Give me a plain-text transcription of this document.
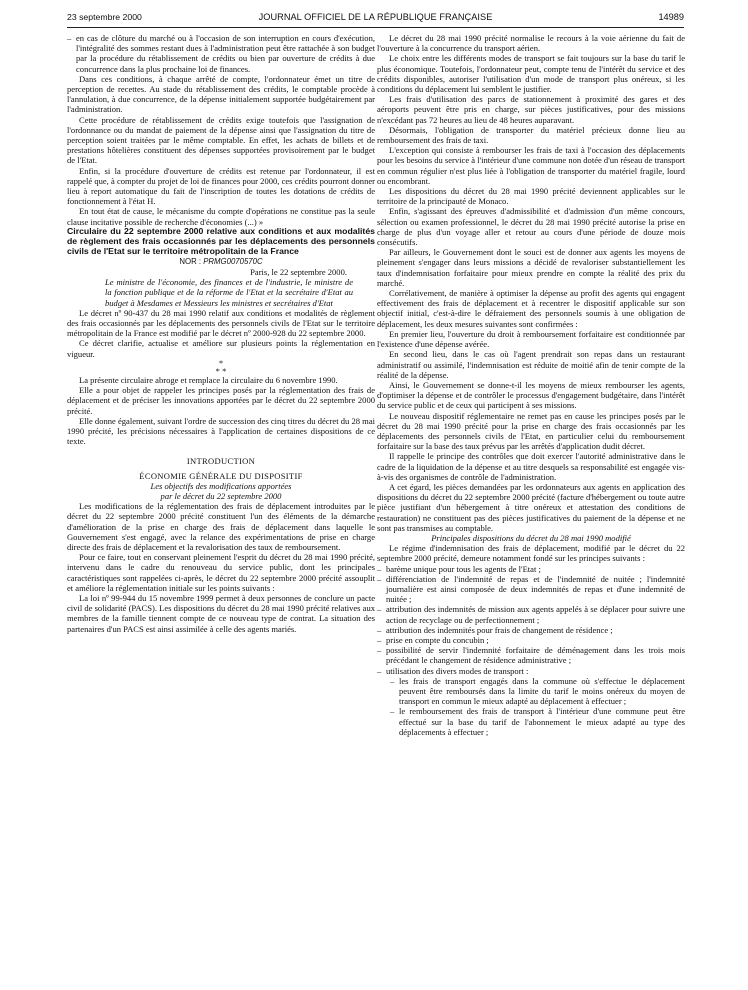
23 septembre 2000	JOURNAL OFFICIEL DE LA RÉPUBLIQUE FRANÇAISE	14989

– en cas de clôture du marché ou à l'occasion de son interruption en cours d'exécution, l'intégralité des sommes restant dues à l'administration peut être rattachée à son budget par la procédure du rétablissement de crédits ou bien par ouverture de crédits à due concurrence dans la plus prochaine loi de finances.

Dans ces conditions, à chaque arrêté de compte, l'ordonnateur émet un titre de perception de recettes. Au stade du rétablissement des crédits, le comptable procède à l'annulation, à due concurrence, de la dépense initialement supportée budgétairement par l'administration.

Cette procédure de rétablissement de crédits exige toutefois que l'assignation de l'ordonnance ou du mandat de paiement de la dépense ainsi que l'assignation du titre de perception soient traitées par le même comptable. En effet, les achats de billets et de prestations hôtelières constituent des dépenses supportées provisoirement par le budget de l'Etat.

Enfin, si la procédure d'ouverture de crédits est retenue par l'ordonnateur, il est rappelé que, à compter du projet de loi de finances pour 2000, ces crédits pourront donner lieu à report automatique du fait de l'inscription de toutes les dotations de crédits de fonctionnement à l'état H.

En tout état de cause, le mécanisme du compte d'opérations ne constitue pas la seule clause incitative possible de recherche d'économies (...) »

Circulaire du 22 septembre 2000 relative aux conditions et aux modalités de règlement des frais occasionnés par les déplacements des personnels civils de l'Etat sur le territoire métropolitain de la France

NOR : PRMG0070570C

Paris, le 22 septembre 2000.

Le ministre de l'économie, des finances et de l'industrie, le ministre de la fonction publique et de la réforme de l'Etat et la secrétaire d'Etat au budget à Mesdames et Messieurs les ministres et secrétaires d'Etat

Le décret nº 90-437 du 28 mai 1990 relatif aux conditions et modalités de règlement des frais occasionnés par les déplacements des personnels civils de l'Etat sur le territoire métropolitain de la France est modifié par le décret nº 2000-928 du 22 septembre 2000.

Ce décret clarifie, actualise et améliore sur plusieurs points la réglementation en vigueur.

*
* *

La présente circulaire abroge et remplace la circulaire du 6 novembre 1990.

Elle a pour objet de rappeler les principes posés par la réglementation des frais de déplacement et de préciser les innovations apportées par le décret du 22 septembre 2000 précité.

Elle donne également, suivant l'ordre de succession des cinq titres du décret du 28 mai 1990 précité, les précisions nécessaires à l'application de certaines dispositions de ce texte.

INTRODUCTION

ÉCONOMIE GÉNÉRALE DU DISPOSITIF

Les objectifs des modifications apportées
par le décret du 22 septembre 2000

Les modifications de la réglementation des frais de déplacement introduites par le décret du 22 septembre 2000 précité constituent l'un des éléments de la démarche d'amélioration de la prise en charge des frais de déplacement dans laquelle le Gouvernement s'est engagé, avec la relance des expérimentations de prise en charge directe des frais de déplacement et la revalorisation des taux de remboursement.

Pour ce faire, tout en conservant pleinement l'esprit du décret du 28 mai 1990 précité, intervenu dans le cadre du renouveau du service public, dont les principales caractéristiques sont rappelées ci-après, le décret du 22 septembre 2000 précité assouplit et améliore la réglementation initiale sur les points suivants :

La loi nº 99-944 du 15 novembre 1999 permet à deux personnes de conclure un pacte civil de solidarité (PACS). Les dispositions du décret du 28 mai 1990 précité relatives aux membres de la famille tiennent compte de ce nouveau type de contrat. La situation des partenaires d'un PACS est ainsi assimilée à celle des agents mariés.

Le décret du 28 mai 1990 précité normalise le recours à la voie aérienne du fait de l'ouverture à la concurrence du transport aérien.

Le choix entre les différents modes de transport se fait toujours sur la base du tarif le plus économique. Toutefois, l'ordonnateur peut, compte tenu de l'intérêt du service et des crédits disponibles, autoriser l'utilisation d'un mode de transport plus onéreux, si les conditions du déplacement lui semblent le justifier.

Les frais d'utilisation des parcs de stationnement à proximité des gares et des aéroports peuvent être pris en charge, sur pièces justificatives, pour des missions n'excédant pas 72 heures au lieu de 48 heures auparavant.

Désormais, l'obligation de transporter du matériel précieux donne lieu au remboursement des frais de taxi.

L'exception qui consiste à rembourser les frais de taxi à l'occasion des déplacements pour les besoins du service à l'intérieur d'une commune non dotée d'un réseau de transport en commun régulier n'est plus liée à l'obligation de transporter du matériel fragile, lourd ou encombrant.

Les dispositions du décret du 28 mai 1990 précité deviennent applicables sur le territoire de la principauté de Monaco.

Enfin, s'agissant des épreuves d'admissibilité et d'admission d'un même concours, sélection ou examen professionnel, le décret du 28 mai 1990 précité autorise la prise en charge de plus d'un voyage aller et retour au cours d'une période de douze mois consécutifs.

Par ailleurs, le Gouvernement dont le souci est de donner aux agents les moyens de pleinement s'engager dans leurs missions a décidé de revaloriser substantiellement les taux d'indemnisation forfaitaire pour mieux prendre en compte la réalité des prix du marché.

Corrélativement, de manière à optimiser la dépense au profit des agents qui engagent effectivement des frais de déplacement et à recentrer le dispositif applicable sur son objectif initial, c'est-à-dire le défraiement des personnels soumis à une obligation de déplacement, les deux mesures suivantes sont confirmées :

En premier lieu, l'ouverture du droit à remboursement forfaitaire est conditionnée par l'existence d'une dépense avérée.

En second lieu, dans le cas où l'agent prendrait son repas dans un restaurant administratif ou assimilé, l'indemnisation est réduite de moitié afin de tenir compte de la réalité de la dépense.

Ainsi, le Gouvernement se donne-t-il les moyens de mieux rembourser les agents, d'optimiser la dépense et de contrôler le processus d'engagement budgétaire, dans l'intérêt du service public et de ceux qui participent à ses missions.

Le nouveau dispositif réglementaire ne remet pas en cause les principes posés par le décret du 28 mai 1990 précité pour la prise en charge des frais occasionnés par les déplacements des personnels civils de l'Etat, en particulier celui du remboursement forfaitaire sur la base des taux prévus par les arrêtés d'application dudit décret.

Il rappelle le principe des contrôles que doit exercer l'autorité administrative dans le cadre de la liquidation de la dépense et au titre desquels sa responsabilité est engagée vis-à-vis des organismes de contrôle de l'administration.

A cet égard, les pièces demandées par les ordonnateurs aux agents en application des dispositions du décret du 22 septembre 2000 précité (facture d'hébergement ou toute autre pièce justifiant d'un hébergement à titre onéreux et attestation des conditions de restauration) ne constituent pas des pièces justificatives du paiement de la dépense et ne sont pas transmises au comptable.

Principales dispositions du décret du 28 mai 1990 modifié

Le régime d'indemnisation des frais de déplacement, modifié par le décret du 22 septembre 2000 précité, demeure notamment fondé sur les principes suivants :

– barème unique pour tous les agents de l'Etat ;

– différenciation de l'indemnité de repas et de l'indemnité de nuitée ; l'indemnité journalière est ainsi composée de deux indemnités de repas et d'une indemnité de nuitée ;

– attribution des indemnités de mission aux agents appelés à se déplacer pour suivre une action de recyclage ou de perfectionnement ;

– attribution des indemnités pour frais de changement de résidence ;

– prise en compte du concubin ;

– possibilité de servir l'indemnité forfaitaire de déménagement dans les trois mois précédant le changement de résidence administrative ;

– utilisation des divers modes de transport :

– les frais de transport engagés dans la commune où s'effectue le déplacement peuvent être remboursés dans la limite du tarif le moins onéreux du moyen de transport en commun le mieux adapté au déplacement à effectuer ;

– le remboursement des frais de transport à l'intérieur d'une commune peut être effectué sur la base du tarif de l'abonnement le mieux adapté au type des déplacements à effectuer ;
